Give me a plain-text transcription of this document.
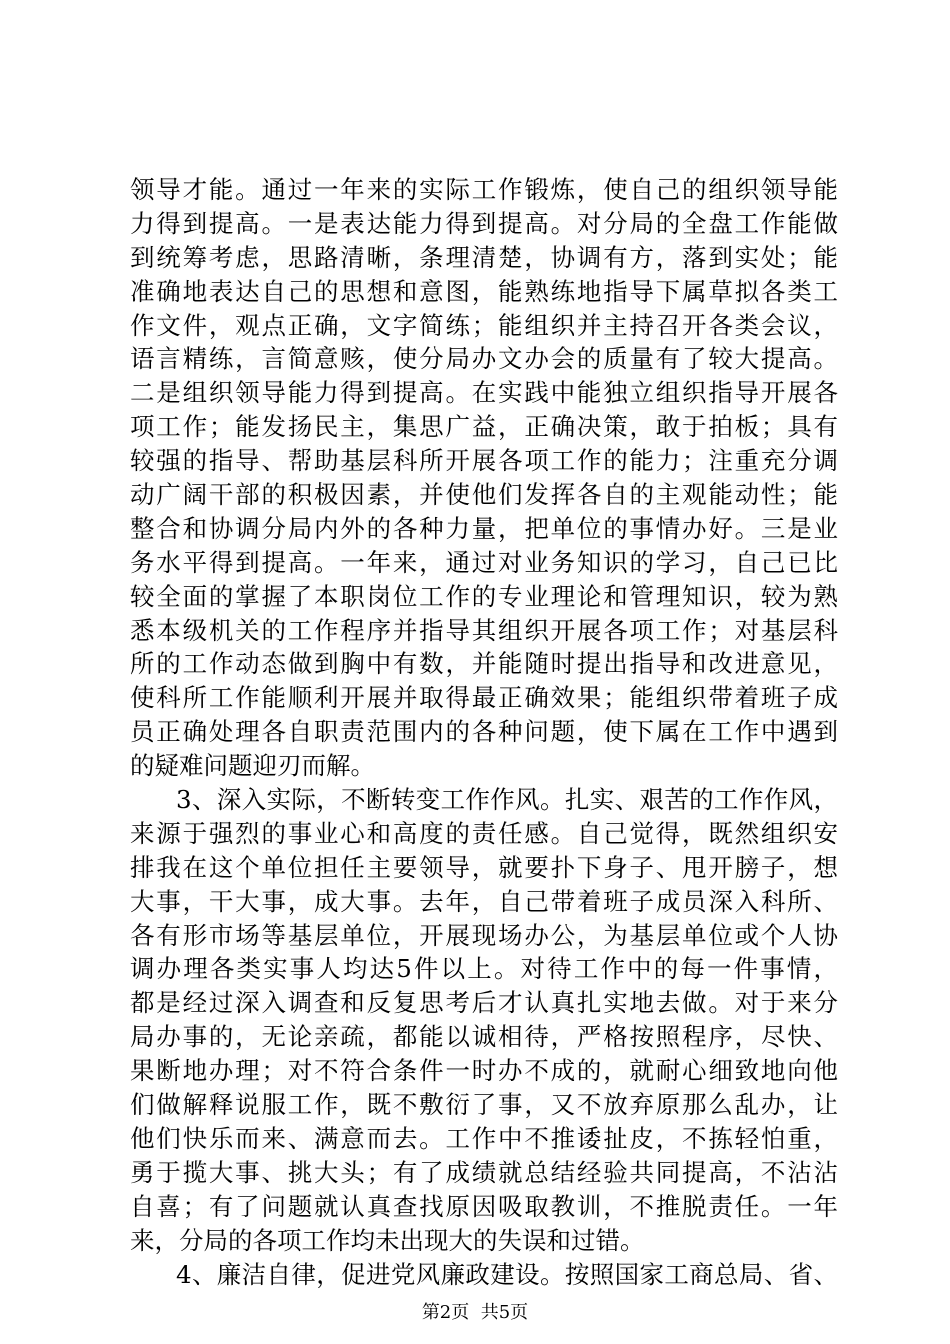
领导才能。通过一年来的实际工作锻炼，使自己的组织领导能
力得到提高。一是表达能力得到提高。对分局的全盘工作能做
到统筹考虑，思路清晰，条理清楚，协调有方，落到实处；能
准确地表达自己的思想和意图，能熟练地指导下属草拟各类工
作文件，观点正确，文字简练；能组织并主持召开各类会议，
语言精练，言简意赅，使分局办文办会的质量有了较大提高。
二是组织领导能力得到提高。在实践中能独立组织指导开展各
项工作；能发扬民主，集思广益，正确决策，敢于拍板；具有
较强的指导、帮助基层科所开展各项工作的能力；注重充分调
动广阔干部的积极因素，并使他们发挥各自的主观能动性；能
整合和协调分局内外的各种力量，把单位的事情办好。三是业
务水平得到提高。一年来，通过对业务知识的学习，自己已比
较全面的掌握了本职岗位工作的专业理论和管理知识，较为熟
悉本级机关的工作程序并指导其组织开展各项工作；对基层科
所的工作动态做到胸中有数，并能随时提出指导和改进意见，
使科所工作能顺利开展并取得最正确效果；能组织带着班子成
员正确处理各自职责范围内的各种问题，使下属在工作中遇到
的疑难问题迎刃而解。
3、深入实际，不断转变工作作风。扎实、艰苦的工作作风，
来源于强烈的事业心和高度的责任感。自己觉得，既然组织安
排我在这个单位担任主要领导，就要扑下身子、甩开膀子，想
大事，干大事，成大事。去年，自己带着班子成员深入科所、
各有形市场等基层单位，开展现场办公，为基层单位或个人协
调办理各类实事人均达5件以上。对待工作中的每一件事情，
都是经过深入调查和反复思考后才认真扎实地去做。对于来分
局办事的，无论亲疏，都能以诚相待，严格按照程序，尽快、
果断地办理；对不符合条件一时办不成的，就耐心细致地向他
们做解释说服工作，既不敷衍了事，又不放弃原那么乱办，让
他们快乐而来、满意而去。工作中不推诿扯皮，不拣轻怕重，
勇于揽大事、挑大头；有了成绩就总结经验共同提高，不沾沾
自喜；有了问题就认真查找原因吸取教训，不推脱责任。一年
来，分局的各项工作均未出现大的失误和过错。
4、廉洁自律，促进党风廉政建设。按照国家工商总局、省、
第2页  共5页
